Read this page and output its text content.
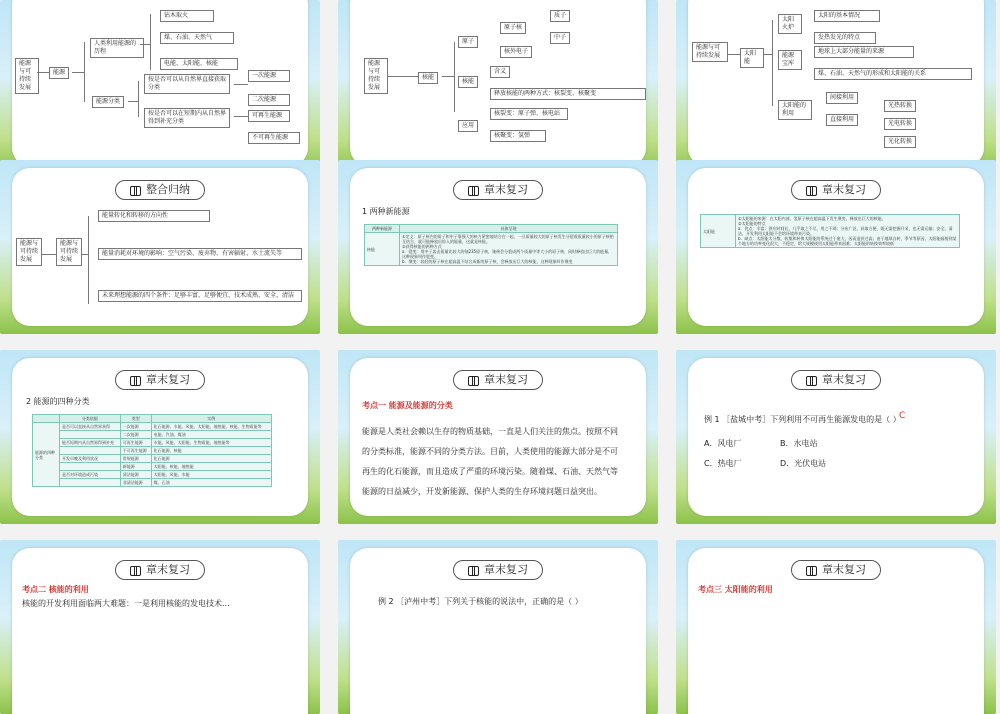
能源与可持续发展
能源
人类利用能源的历程
钻木取火
煤、石油、天然气
电能、太阳能、核能
能源分类
按是否可以从自然界直接获取分类
按是否可以在短期内从自然界得到补充分类
一次能源
二次能源
可再生能源
不可再生能源
能源与可持续发展
核能
原子
原子核
质子
中子
核外电子
核能
含义
释放核能的两种方式：核裂变、核聚变
应用
核裂变：原子弹、核电站
核聚变：氢弹
能源与可持续发展	太阳能
太阳火炉
太阳的基本情况
发热发光的特点
能源宝库
地球上大部分能量的来源
煤、石油、天然气的形成和太阳能的关系
太阳能的利用
间接利用
直接利用
光热转换
光电转换
光化转换
整合归纳
能源与可持续发展
能源与可持续发展
能量转化和转移的方向性
能量消耗对环境的影响：空气污染、废弃物、有害辐射、水土流失等
未来理想能源的四个条件：足够丰富、足够便宜、技术成熟、安全、清洁
章末复习
1 两种新能源
两种新能源	具体呈现
核能	①定义：原子核内的质子和中子靠强大的核力紧密地结合在一起，一旦质量较大的原子核发生分裂或质量较小的原子核相互结合，就可能释放出惊人的能量，这就是核能。
②获得核能的两种方式
a．裂变：用中子轰击质量比较大的铀235原子核，铀核会分裂成两个质量中等大小的原子核，同时释放出巨大的能量，这种现象叫作裂变。
b．聚变：较轻的原子核在超高温下结合成新的原子核，会释放出巨大的核能，这种现象叫作聚变
章末复习
太阳能	
①太阳能的来源：在太阳内部，氢原子核在超高温下发生聚变，释放出巨大的核能。
②太阳能的特点
a．优点：丰富；供应时间长，几乎取之不尽，用之不竭；分布广泛，获取方便，既无需挖掘开采，也无需运输；安全、清洁，开发利用太阳能不会给环境带来污染。
b．缺点：太阳能太分散，收集和转换太阳能的系统过于庞大，因而造价过高；由于地球自转，季节等原因，太阳能辐射到某个地方的功率变化很大，不稳定，给大规模使用太阳能带来困难；太阳能的转换效率较低
章末复习
2 能源的四种分类
	分类依据	类型	实例
能源的四种分类	是否可以直接从自然界获得	一次能源	化石能源、水能、风能、太阳能、地热能、核能、生物质能等
		二次能源	电能、汽油、煤油
	能否短期内从自然界得到补充	可再生能源	水能、风能、太阳能、生物质能、地热能等
		不可再生能源	化石能源、核能
	开发早晚及利用状况	常规能源	化石能源
		新能源	太阳能、核能、地热能
	是否对环境造成污染	清洁能源	太阳能、风能、水能
		非清洁能源	煤、石油
章末复习
考点一 能源及能源的分类
能源是人类社会赖以生存的物质基础，一直是人们关注的焦点。按照不同的分类标准，能源不同的分类方法。目前，人类使用的能源大部分是不可再生的化石能源，而且造成了严重的环境污染。随着煤、石油、天然气等能源的日益减少，开发新能源、保护人类的生存环境问题日益突出。
章末复习
例 1 ［盐城中考］下列利用不可再生能源发电的是（ ）
C
A．风电厂	B．水电站
C．热电厂	D．光伏电站
章末复习
考点二 核能的利用
核能的开发利用面临两大难题：一是利用核能的发电技术...
章末复习
例 2 ［泸州中考］下列关于核能的说法中，正确的是（ ）
章末复习
考点三 太阳能的利用
